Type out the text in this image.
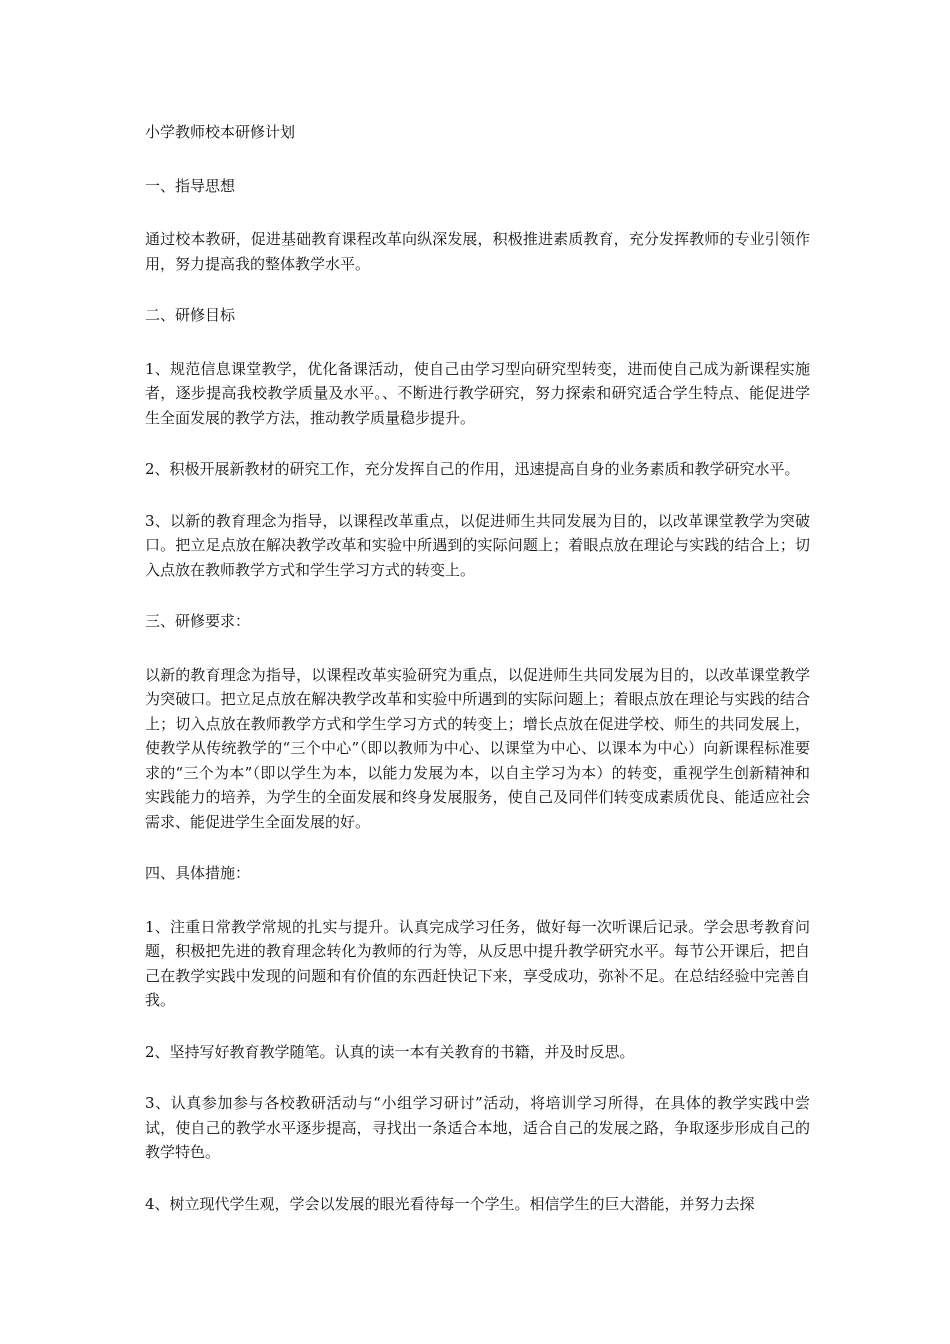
小学教师校本研修计划

一、指导思想

通过校本教研，促进基础教育课程改革向纵深发展，积极推进素质教育，充分发挥教师的专业引领作用，努力提高我的整体教学水平。

二、研修目标

1、规范信息课堂教学，优化备课活动，使自己由学习型向研究型转变，进而使自己成为新课程实施者，逐步提高我校教学质量及水平。、不断进行教学研究，努力探索和研究适合学生特点、能促进学生全面发展的教学方法，推动教学质量稳步提升。

2、积极开展新教材的研究工作，充分发挥自己的作用，迅速提高自身的业务素质和教学研究水平。

3、以新的教育理念为指导，以课程改革重点，以促进师生共同发展为目的，以改革课堂教学为突破口。把立足点放在解决教学改革和实验中所遇到的实际问题上；着眼点放在理论与实践的结合上；切入点放在教师教学方式和学生学习方式的转变上。

三、研修要求：

以新的教育理念为指导，以课程改革实验研究为重点，以促进师生共同发展为目的，以改革课堂教学为突破口。把立足点放在解决教学改革和实验中所遇到的实际问题上；着眼点放在理论与实践的结合上；切入点放在教师教学方式和学生学习方式的转变上；增长点放在促进学校、师生的共同发展上，使教学从传统教学的“三个中心”（即以教师为中心、以课堂为中心、以课本为中心）向新课程标准要求的“三个为本”（即以学生为本，以能力发展为本，以自主学习为本）的转变，重视学生创新精神和实践能力的培养，为学生的全面发展和终身发展服务，使自己及同伴们转变成素质优良、能适应社会需求、能促进学生全面发展的好。

四、具体措施：

1、注重日常教学常规的扎实与提升。认真完成学习任务，做好每一次听课后记录。学会思考教育问题，积极把先进的教育理念转化为教师的行为等，从反思中提升教学研究水平。每节公开课后，把自己在教学实践中发现的问题和有价值的东西赶快记下来，享受成功，弥补不足。在总结经验中完善自我。

2、坚持写好教育教学随笔。认真的读一本有关教育的书籍，并及时反思。

3、认真参加参与各校教研活动与“小组学习研讨”活动，将培训学习所得，在具体的教学实践中尝试，使自己的教学水平逐步提高，寻找出一条适合本地，适合自己的发展之路，争取逐步形成自己的教学特色。

4、树立现代学生观，学会以发展的眼光看待每一个学生。相信学生的巨大潜能，并努力去探
